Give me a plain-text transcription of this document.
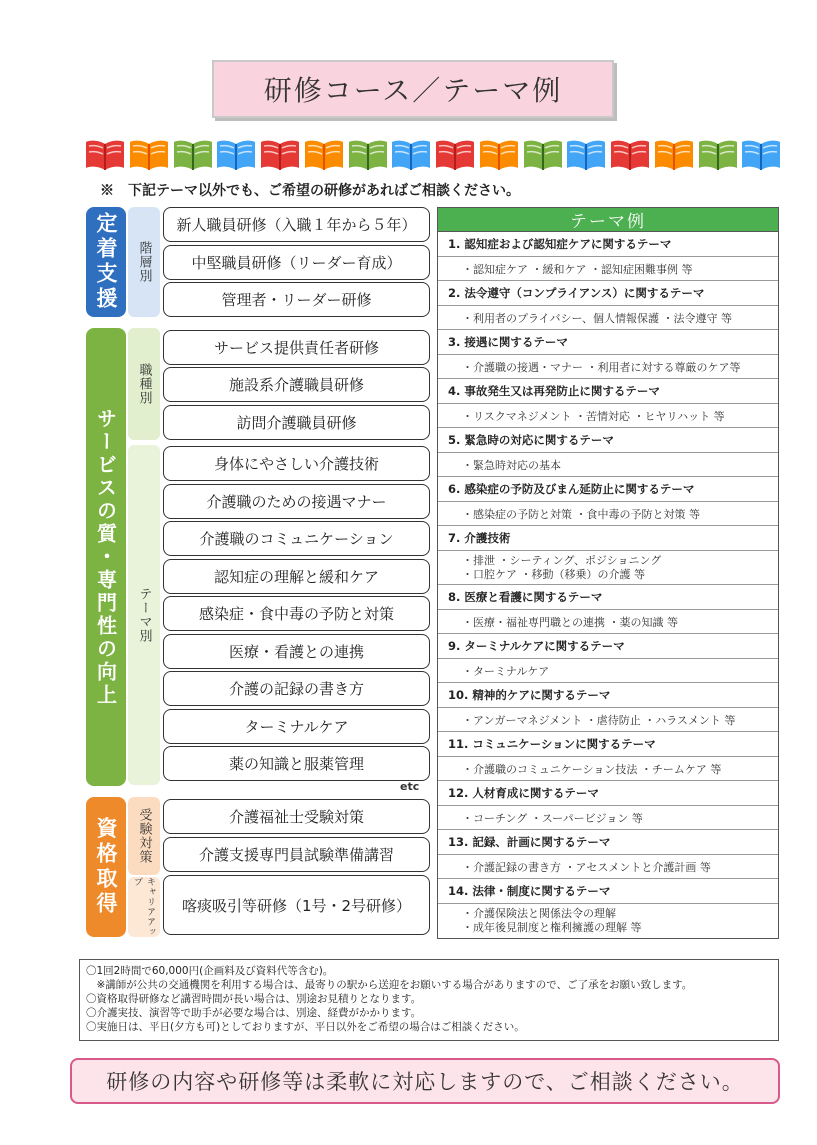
研修コース／テーマ例
※　下記テーマ以外でも、ご希望の研修があればご相談ください。
定着支援
サービスの質・専門性の向上
資格取得
階層別
職種別
テーマ別
受験対策
キャリアアップ
新人職員研修（入職１年から５年）
中堅職員研修（リーダー育成）
管理者・リーダー研修
サービス提供責任者研修
施設系介護職員研修
訪問介護職員研修
身体にやさしい介護技術
介護職のための接遇マナー
介護職のコミュニケーション
認知症の理解と緩和ケア
感染症・食中毒の予防と対策
医療・看護との連携
介護の記録の書き方
ターミナルケア
薬の知識と服薬管理
etc
介護福祉士受験対策
介護支援専門員試験準備講習
喀痰吸引等研修（1号・2号研修）
テーマ例
1. 認知症および認知症ケアに関するテーマ
・認知症ケア ・緩和ケア ・認知症困難事例 等
2. 法令遵守（コンプライアンス）に関するテーマ
・利用者のプライバシー、個人情報保護 ・法令遵守 等
3. 接遇に関するテーマ
・介護職の接遇・マナー ・利用者に対する尊厳のケア等
4. 事故発生又は再発防止に関するテーマ
・リスクマネジメント ・苦情対応 ・ヒヤリハット 等
5. 緊急時の対応に関するテーマ
・緊急時対応の基本
6. 感染症の予防及びまん延防止に関するテーマ
・感染症の予防と対策 ・食中毒の予防と対策 等
7. 介護技術
・排泄 ・シーティング、ポジショニング
・口腔ケア ・移動（移乗）の介護 等
8. 医療と看護に関するテーマ
・医療・福祉専門職との連携 ・薬の知識 等
9. ターミナルケアに関するテーマ
・ターミナルケア
10. 精神的ケアに関するテーマ
・アンガーマネジメント ・虐待防止 ・ハラスメント 等
11. コミュニケーションに関するテーマ
・介護職のコミュニケーション技法 ・チームケア 等
12. 人材育成に関するテーマ
・コーチング ・スーパービジョン 等
13. 記録、計画に関するテーマ
・介護記録の書き方 ・アセスメントと介護計画 等
14. 法律・制度に関するテーマ
・介護保険法と関係法令の理解
・成年後見制度と権利擁護の理解 等
〇1回2時間で60,000円(企画料及び資料代等含む)。
　※講師が公共の交通機関を利用する場合は、最寄りの駅から送迎をお願いする場合がありますので、ご了承をお願い致します。
〇資格取得研修など講習時間が長い場合は、別途お見積りとなります。
〇介護実技、演習等で助手が必要な場合は、別途、経費がかかります。
〇実施日は、平日(夕方も可)としておりますが、平日以外をご希望の場合はご相談ください。
研修の内容や研修等は柔軟に対応しますので、ご相談ください。
